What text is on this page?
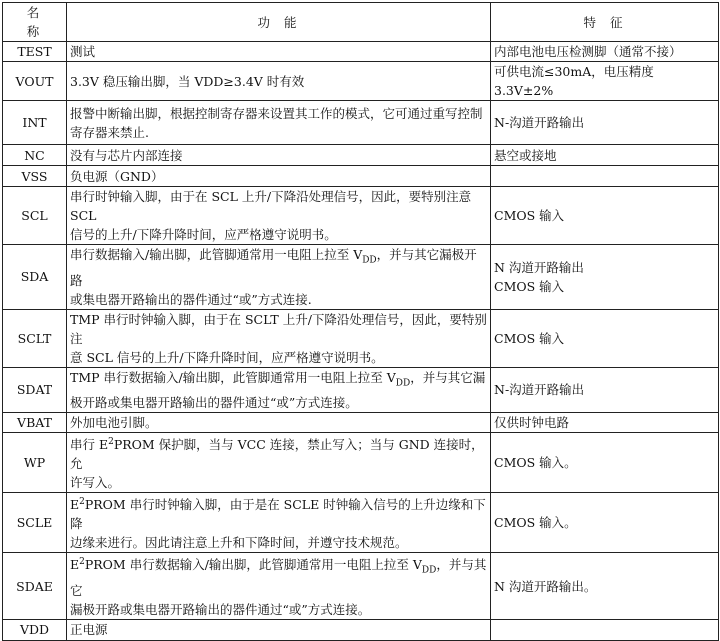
名称	功能	特征
TEST	测试	内部电池电压检测脚（通常不接）

VOUT	3.3V 稳压输出脚，当 VDD≥3.4V 时有效	可供电流≤30mA，电压精度 3.3V±2%

INT	报警中断输出脚，根据控制寄存器来设置其工作的模式，它可通过重写控制
寄存器来禁止.	N-沟道开路输出

NC	没有与芯片内部连接	悬空或接地

VSS	负电源（GND）	

SCL	串行时钟输入脚，由于在 SCL 上升/下降沿处理信号，因此，要特别注意 SCL
信号的上升/下降升降时间，应严格遵守说明书。	CMOS 输入

SDA	串行数据输入/输出脚，此管脚通常用一电阻上拉至 $V_{DD}$，并与其它漏极开路
或集电器开路输出的器件通过“或”方式连接.	N 沟道开路输出
CMOS 输入

SCLT	TMP 串行时钟输入脚，由于在 SCLT 上升/下降沿处理信号，因此，要特别注
意 SCL 信号的上升/下降升降时间，应严格遵守说明书。	CMOS 输入

SDAT	TMP 串行数据输入/输出脚，此管脚通常用一电阻上拉至 $V_{DD}$，并与其它漏
极开路或集电器开路输出的器件通过“或”方式连接。	N-沟道开路输出

VBAT	外加电池引脚。	仅供时钟电路

WP	串行 $E^2PROM$ 保护脚，当与 VCC 连接，禁止写入；当与 GND 连接时，允
许写入。	CMOS 输入。

SCLE	$E^2PROM$ 串行时钟输入脚，由于是在 SCLE 时钟输入信号的上升边缘和下降
边缘来进行。因此请注意上升和下降时间，并遵守技术规范。	CMOS 输入。

SDAE	$E^2PROM$ 串行数据输入/输出脚，此管脚通常用一电阻上拉至 $V_{DD}$，并与其它
漏极开路或集电器开路输出的器件通过“或”方式连接。	N 沟道开路输出。

VDD	正电源	
